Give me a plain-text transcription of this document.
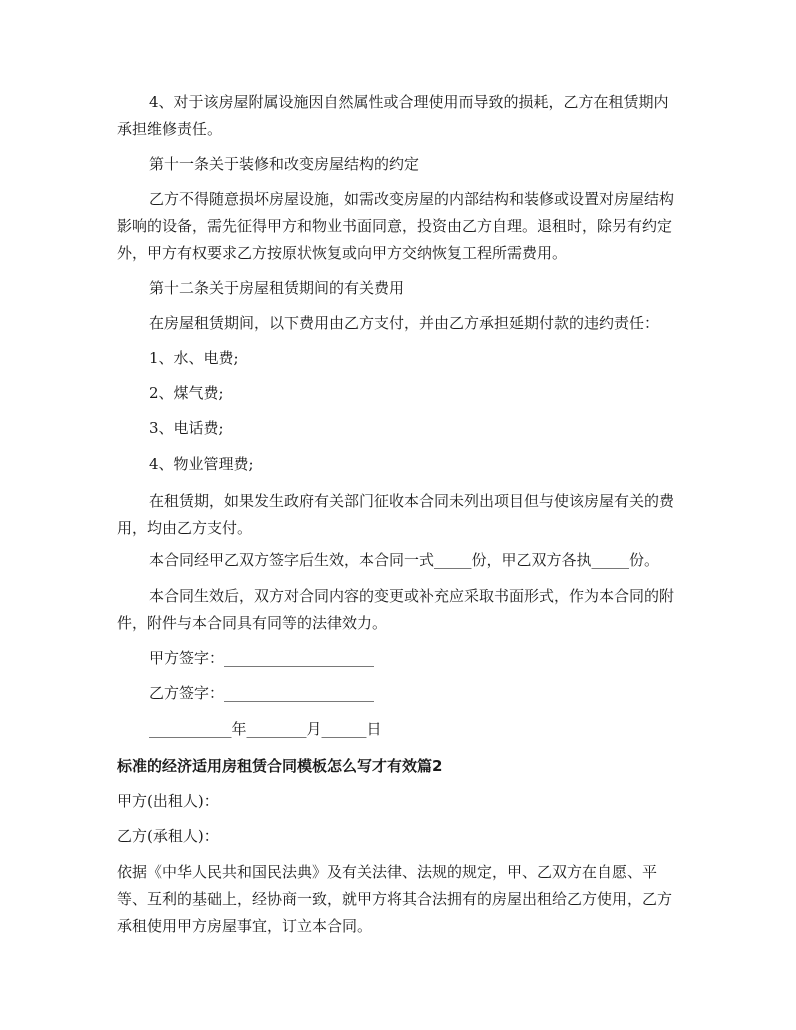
4、对于该房屋附属设施因自然属性或合理使用而导致的损耗，乙方在租赁期内承担维修责任。

第十一条关于装修和改变房屋结构的约定

乙方不得随意损坏房屋设施，如需改变房屋的内部结构和装修或设置对房屋结构影响的设备，需先征得甲方和物业书面同意，投资由乙方自理。退租时，除另有约定外，甲方有权要求乙方按原状恢复或向甲方交纳恢复工程所需费用。

第十二条关于房屋租赁期间的有关费用

在房屋租赁期间，以下费用由乙方支付，并由乙方承担延期付款的违约责任：

1、水、电费;

2、煤气费;

3、电话费;

4、物业管理费;

在租赁期，如果发生政府有关部门征收本合同未列出项目但与使该房屋有关的费用，均由乙方支付。

本合同经甲乙双方签字后生效，本合同一式_____份，甲乙双方各执_____份。

本合同生效后，双方对合同内容的变更或补充应采取书面形式，作为本合同的附件，附件与本合同具有同等的法律效力。

甲方签字：____________________

乙方签字：____________________

___________年________月______日

标准的经济适用房租赁合同模板怎么写才有效篇2

甲方(出租人)：

乙方(承租人)：

依据《中华人民共和国民法典》及有关法律、法规的规定，甲、乙双方在自愿、平等、互利的基础上，经协商一致，就甲方将其合法拥有的房屋出租给乙方使用，乙方承租使用甲方房屋事宜，订立本合同。
